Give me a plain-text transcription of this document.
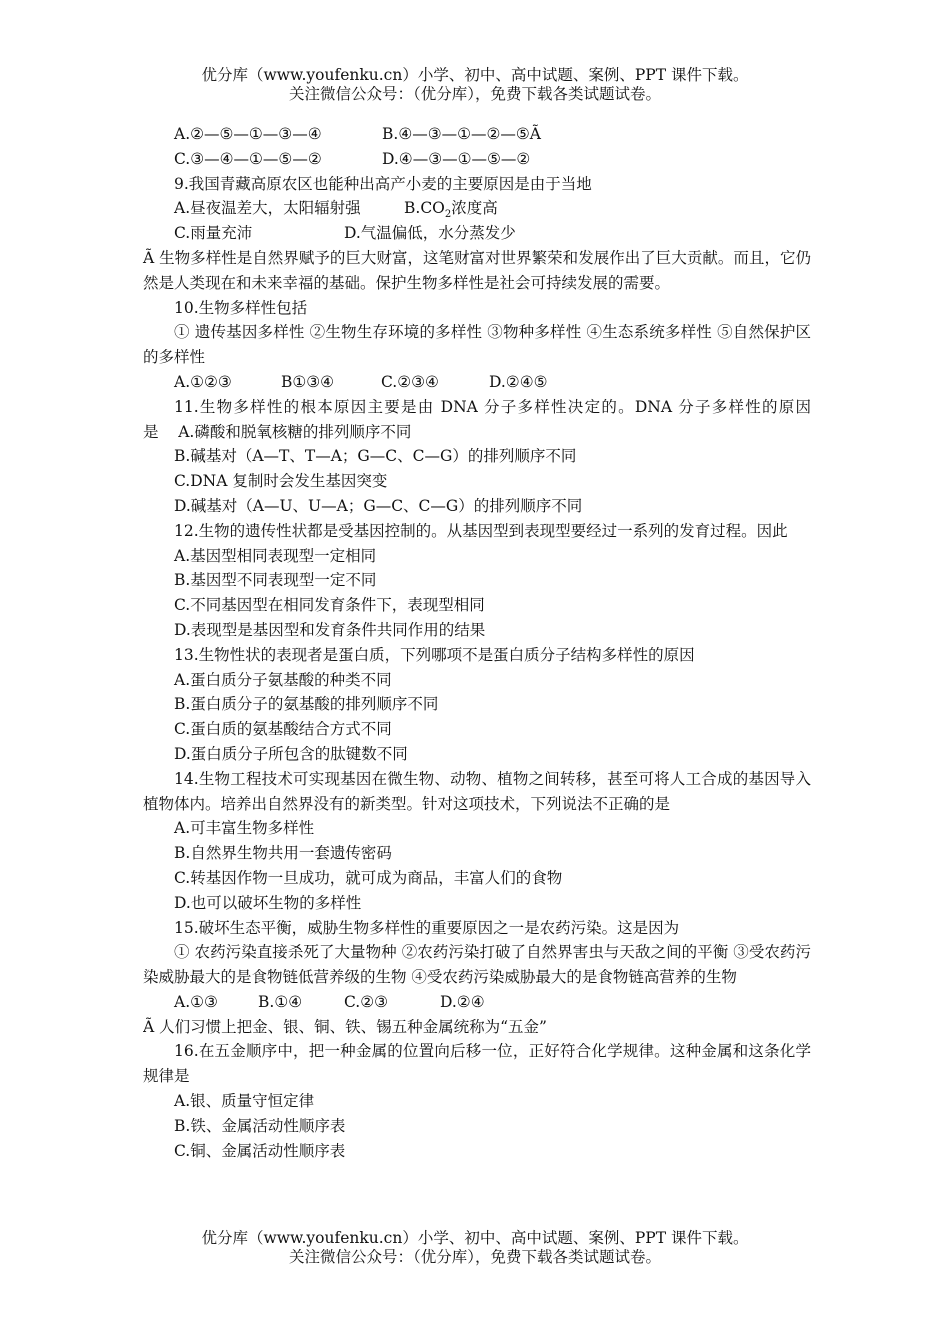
优分库（www.youfenku.cn）小学、初中、高中试题、案例、PPT 课件下载。
关注微信公众号：（优分库），免费下载各类试题试卷。
A.②—⑤—①—③—④	B.④—③—①—②—⑤Ã
C.③—④—①—⑤—②	D.④—③—①—⑤—②
9.我国青藏高原农区也能种出高产小麦的主要原因是由于当地
A.昼夜温差大，太阳辐射强	$B.CO_2$浓度高
C.雨量充沛	D.气温偏低，水分蒸发少
Ã 生物多样性是自然界赋予的巨大财富，这笔财富对世界繁荣和发展作出了巨大贡献。而且，它仍然是人类现在和未来幸福的基础。保护生物多样性是社会可持续发展的需要。
10.生物多样性包括
① 遗传基因多样性 ②生物生存环境的多样性 ③物种多样性 ④生态系统多样性 ⑤自然保护区的多样性
A.①②③	B①③④	C.②③④	D.②④⑤
11.生物多样性的根本原因主要是由 DNA 分子多样性决定的。DNA 分子多样性的原因是 A.磷酸和脱氧核糖的排列顺序不同
B.碱基对（A—T、T—A；G—C、C—G）的排列顺序不同
C.DNA 复制时会发生基因突变
D.碱基对（A—U、U—A；G—C、C—G）的排列顺序不同
12.生物的遗传性状都是受基因控制的。从基因型到表现型要经过一系列的发育过程。因此
A.基因型相同表现型一定相同
B.基因型不同表现型一定不同
C.不同基因型在相同发育条件下，表现型相同
D.表现型是基因型和发育条件共同作用的结果
13.生物性状的表现者是蛋白质，下列哪项不是蛋白质分子结构多样性的原因
A.蛋白质分子氨基酸的种类不同
B.蛋白质分子的氨基酸的排列顺序不同
C.蛋白质的氨基酸结合方式不同
D.蛋白质分子所包含的肽键数不同
14.生物工程技术可实现基因在微生物、动物、植物之间转移，甚至可将人工合成的基因导入植物体内。培养出自然界没有的新类型。针对这项技术，下列说法不正确的是
A.可丰富生物多样性
B.自然界生物共用一套遗传密码
C.转基因作物一旦成功，就可成为商品，丰富人们的食物
D.也可以破坏生物的多样性
15.破坏生态平衡，威胁生物多样性的重要原因之一是农药污染。这是因为
① 农药污染直接杀死了大量物种 ②农药污染打破了自然界害虫与天敌之间的平衡 ③受农药污染威胁最大的是食物链低营养级的生物 ④受农药污染威胁最大的是食物链高营养的生物
A.①③	B.①④	C.②③	D.②④
Ã 人们习惯上把金、银、铜、铁、锡五种金属统称为“五金”
16.在五金顺序中，把一种金属的位置向后移一位，正好符合化学规律。这种金属和这条化学规律是
A.银、质量守恒定律
B.铁、金属活动性顺序表
C.铜、金属活动性顺序表
优分库（www.youfenku.cn）小学、初中、高中试题、案例、PPT 课件下载。
关注微信公众号：（优分库），免费下载各类试题试卷。
